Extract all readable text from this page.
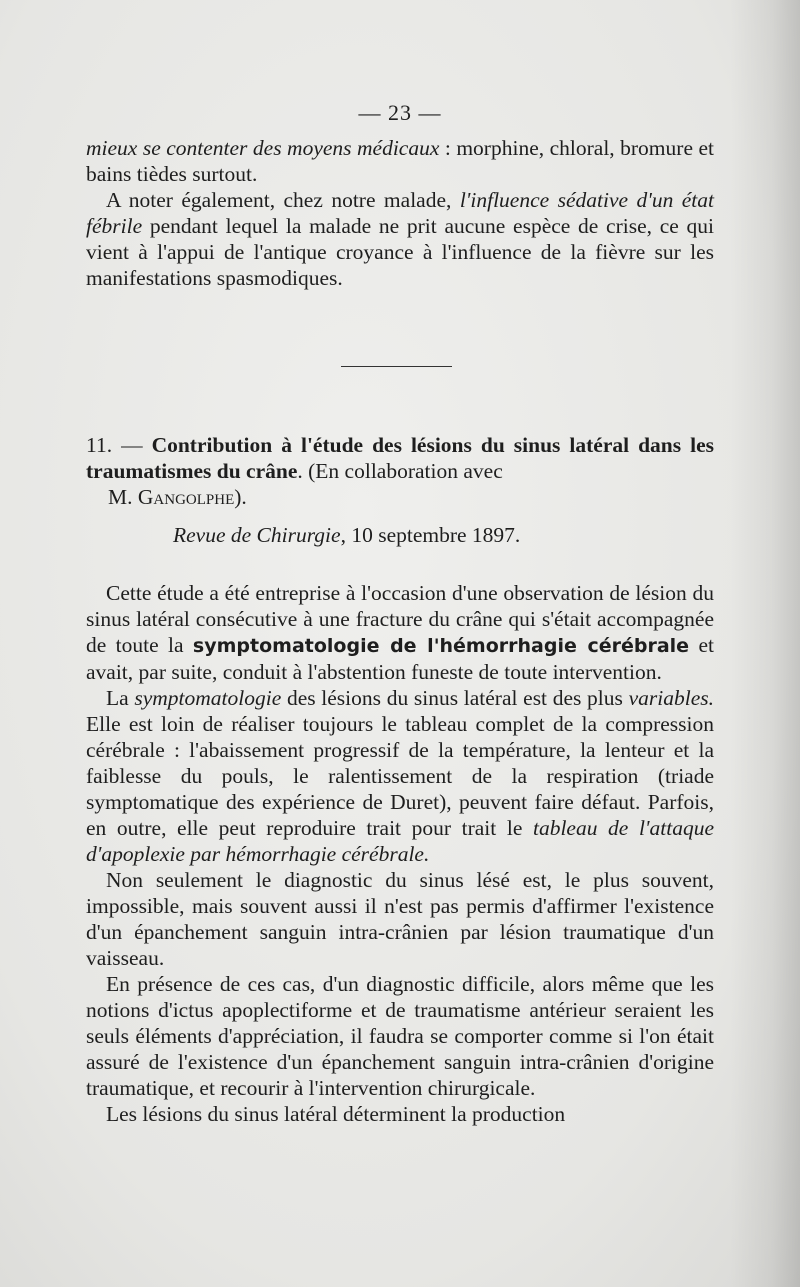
— 23 —

mieux se contenter des moyens médicaux : morphine, chloral, bromure et bains tièdes surtout.

A noter également, chez notre malade, l'influence sédative d'un état fébrile pendant lequel la malade ne prit aucune espèce de crise, ce qui vient à l'appui de l'antique croyance à l'influence de la fièvre sur les manifestations spasmodiques.

11. — Contribution à l'étude des lésions du sinus latéral dans les traumatismes du crâne. (En collaboration avec

M. Gangolphe).

Revue de Chirurgie, 10 septembre 1897.

Cette étude a été entreprise à l'occasion d'une observation de lésion du sinus latéral consécutive à une fracture du crâne qui s'était accompagnée de toute la symptomatologie de l'hémorrhagie cérébrale et avait, par suite, conduit à l'abstention funeste de toute intervention.

La symptomatologie des lésions du sinus latéral est des plus variables. Elle est loin de réaliser toujours le tableau complet de la compression cérébrale : l'abaissement progressif de la température, la lenteur et la faiblesse du pouls, le ralentissement de la respiration (triade symptomatique des expérience de Duret), peuvent faire défaut. Parfois, en outre, elle peut reproduire trait pour trait le tableau de l'attaque d'apoplexie par hémorrhagie cérébrale.

Non seulement le diagnostic du sinus lésé est, le plus souvent, impossible, mais souvent aussi il n'est pas permis d'affirmer l'existence d'un épanchement sanguin intra-crânien par lésion traumatique d'un vaisseau.

En présence de ces cas, d'un diagnostic difficile, alors même que les notions d'ictus apoplectiforme et de traumatisme antérieur seraient les seuls éléments d'appréciation, il faudra se comporter comme si l'on était assuré de l'existence d'un épanchement sanguin intra-crânien d'origine traumatique, et recourir à l'intervention chirurgicale.

Les lésions du sinus latéral déterminent la production
